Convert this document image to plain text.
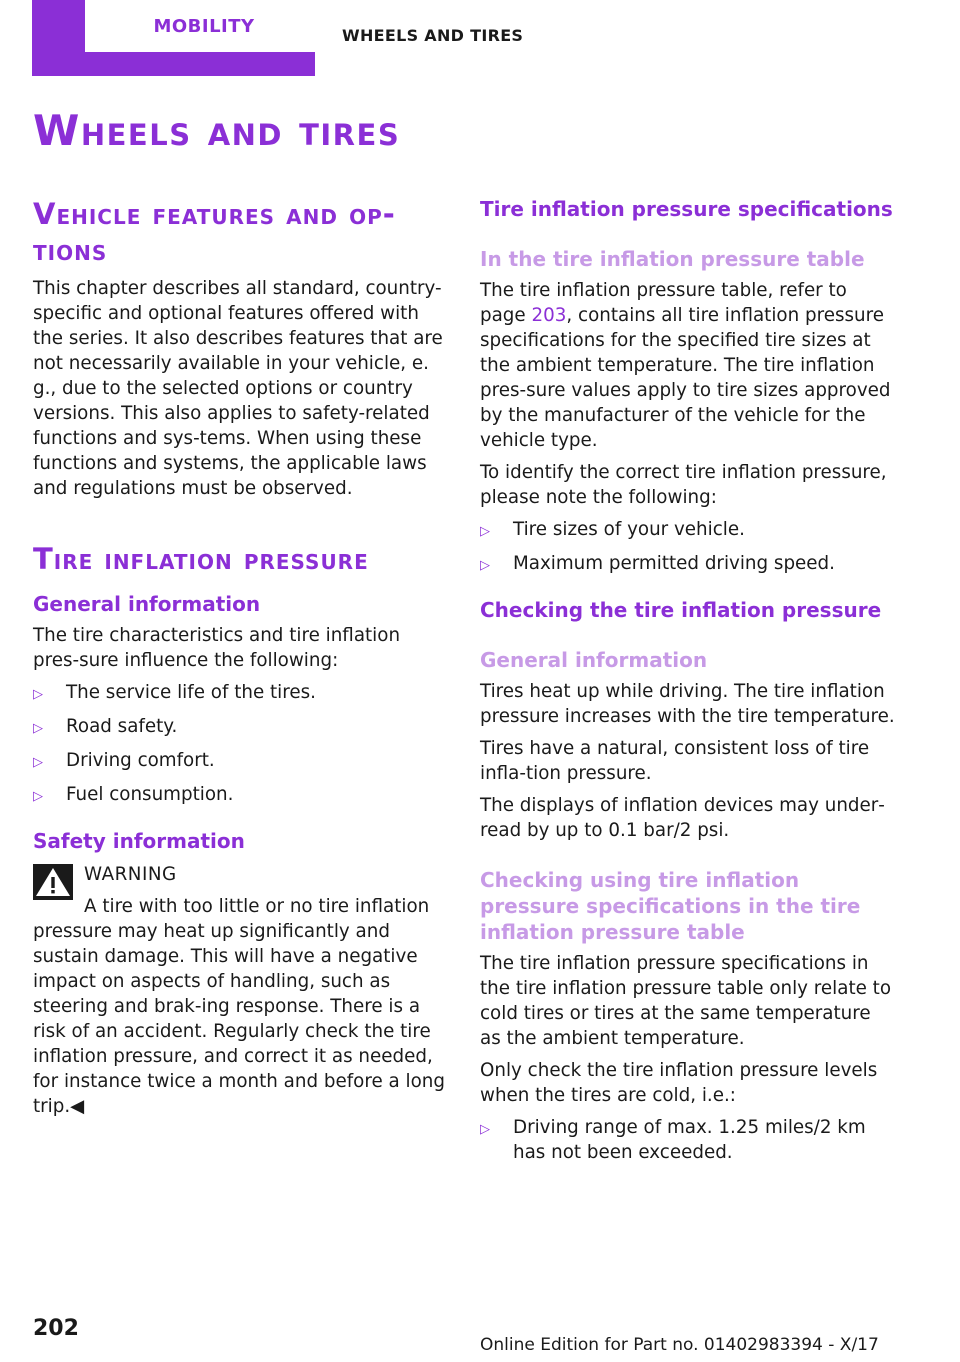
MOBILITY	WHEELS AND TIRES
Wheels and tires
Vehicle features and op‐tions

This chapter describes all standard, country-specific and optional features offered with the series. It also describes features that are not necessarily available in your vehicle, e. g., due to the selected options or country versions. This also applies to safety-related functions and sys‐tems. When using these functions and systems, the applicable laws and regulations must be observed.

Tire inflation pressure
General information

The tire characteristics and tire inflation pres‐sure influence the following:

▷	The service life of the tires.
▷	Road safety.
▷	Driving comfort.
▷	Fuel consumption.
Safety information

WARNING

A tire with too little or no tire inflation

pressure may heat up significantly and sustain damage. This will have a negative impact on aspects of handling, such as steering and brak‐ing response. There is a risk of an accident. Regularly check the tire inflation pressure, and correct it as needed, for instance twice a month and before a long trip.◀

Tire inflation pressure specifications
In the tire inflation pressure table

The tire inflation pressure table, refer to page 203, contains all tire inflation pressure specifications for the specified tire sizes at the ambient temperature. The tire inflation pres‐sure values apply to tire sizes approved by the manufacturer of the vehicle for the vehicle type.

To identify the correct tire inflation pressure, please note the following:

▷	Tire sizes of your vehicle.
▷	Maximum permitted driving speed.
Checking the tire inflation pressure
General information

Tires heat up while driving. The tire inflation pressure increases with the tire temperature.

Tires have a natural, consistent loss of tire infla‐tion pressure.

The displays of inflation devices may under‐read by up to 0.1 bar/2 psi.

Checking using tire inflation pressure specifications in the tire inflation pressure table

The tire inflation pressure specifications in the tire inflation pressure table only relate to cold tires or tires at the same temperature as the ambient temperature.

Only check the tire inflation pressure levels when the tires are cold, i.e.:

▷	Driving range of max. 1.25 miles/2 km has not been exceeded.
202
Online Edition for Part no. 01402983394 - X/17
